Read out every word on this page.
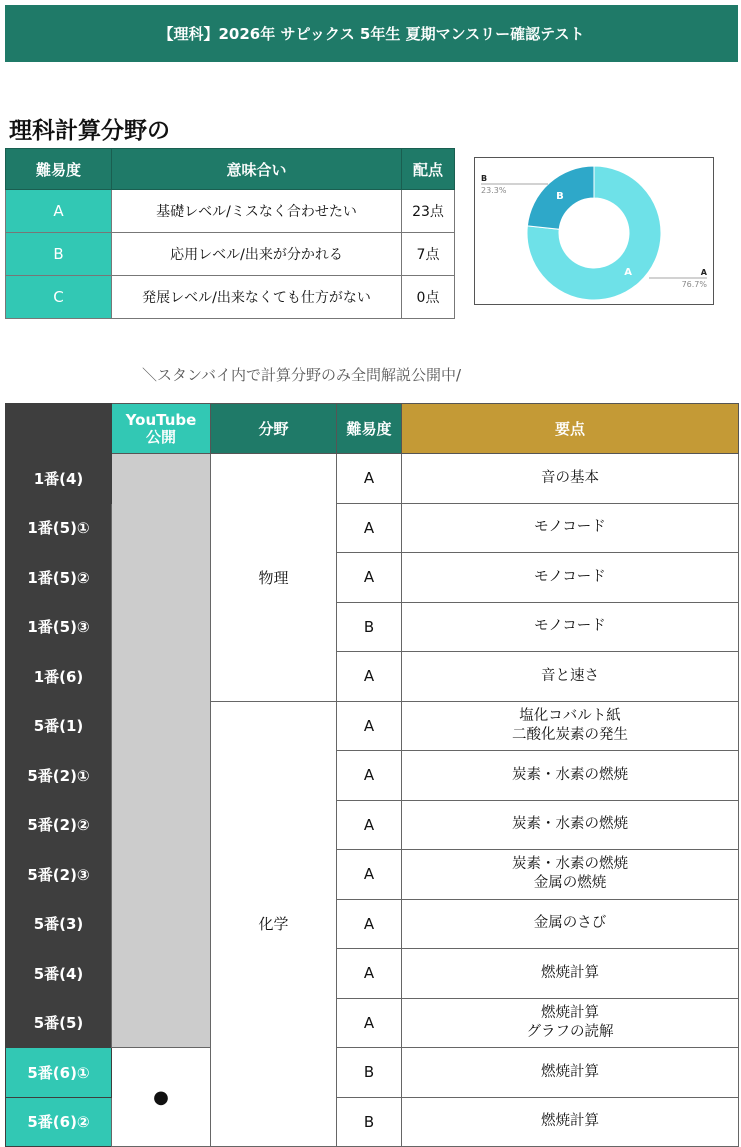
【理科】2026年 サピックス 5年生 夏期マンスリー確認テスト
理科計算分野の
難易度	意味合い	配点
A	基礎レベル/ミスなく合わせたい	23点
B	応用レベル/出来が分かれる	7点
C	発展レベル/出来なくても仕方がない	0点
A
B
A
76.7%
B
23.3%
＼スタンバイ内で計算分野のみ全問解説公開中/
	YouTube
公開	分野	難易度	要点
1番(4)		物理	A	音の基本
1番(5)①			A	モノコード
1番(5)②			A	モノコード
1番(5)③			B	モノコード
1番(6)			A	音と速さ
5番(1)		化学	A	塩化コバルト紙
二酸化炭素の発生
5番(2)①			A	炭素・水素の燃焼
5番(2)②			A	炭素・水素の燃焼
5番(2)③			A	炭素・水素の燃焼
金属の燃焼
5番(3)			A	金属のさび
5番(4)			A	燃焼計算
5番(5)			A	燃焼計算
グラフの読解
5番(6)①	●		B	燃焼計算
5番(6)②			B	燃焼計算
